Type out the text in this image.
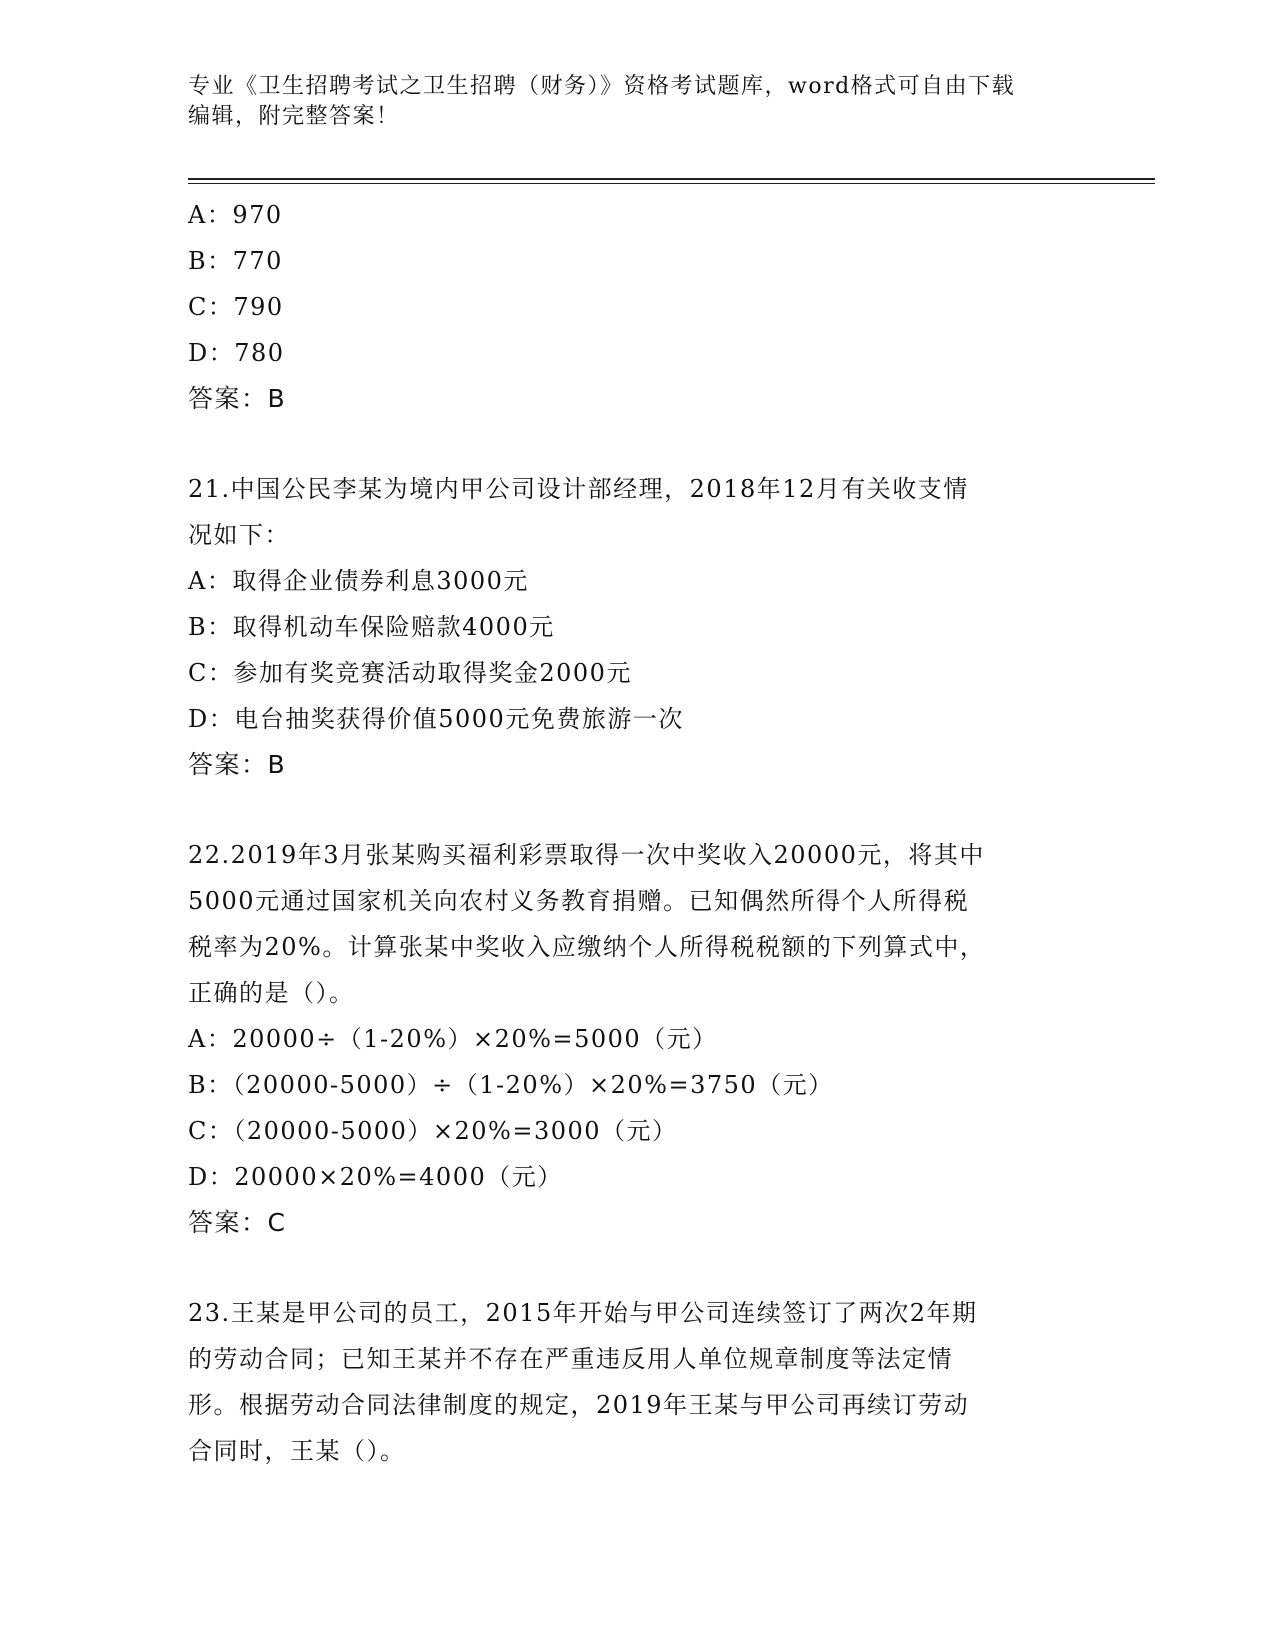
专业《卫生招聘考试之卫生招聘（财务）》资格考试题库，word格式可自由下载
编辑，附完整答案！
A：970
B：770
C：790
D：780
答案：B
21.中国公民李某为境内甲公司设计部经理，2018年12月有关收支情
况如下：
A：取得企业债券利息3000元
B：取得机动车保险赔款4000元
C：参加有奖竞赛活动取得奖金2000元
D：电台抽奖获得价值5000元免费旅游一次
答案：B
22.2019年3月张某购买福利彩票取得一次中奖收入20000元，将其中
5000元通过国家机关向农村义务教育捐赠。已知偶然所得个人所得税
税率为20%。计算张某中奖收入应缴纳个人所得税税额的下列算式中，
正确的是（）。
A：20000÷（1-20%）×20%=5000（元）
B：（20000-5000）÷（1-20%）×20%=3750（元）
C：（20000-5000）×20%=3000（元）
D：20000×20%=4000（元）
答案：C
23.王某是甲公司的员工，2015年开始与甲公司连续签订了两次2年期
的劳动合同；已知王某并不存在严重违反用人单位规章制度等法定情
形。根据劳动合同法律制度的规定，2019年王某与甲公司再续订劳动
合同时，王某（）。
